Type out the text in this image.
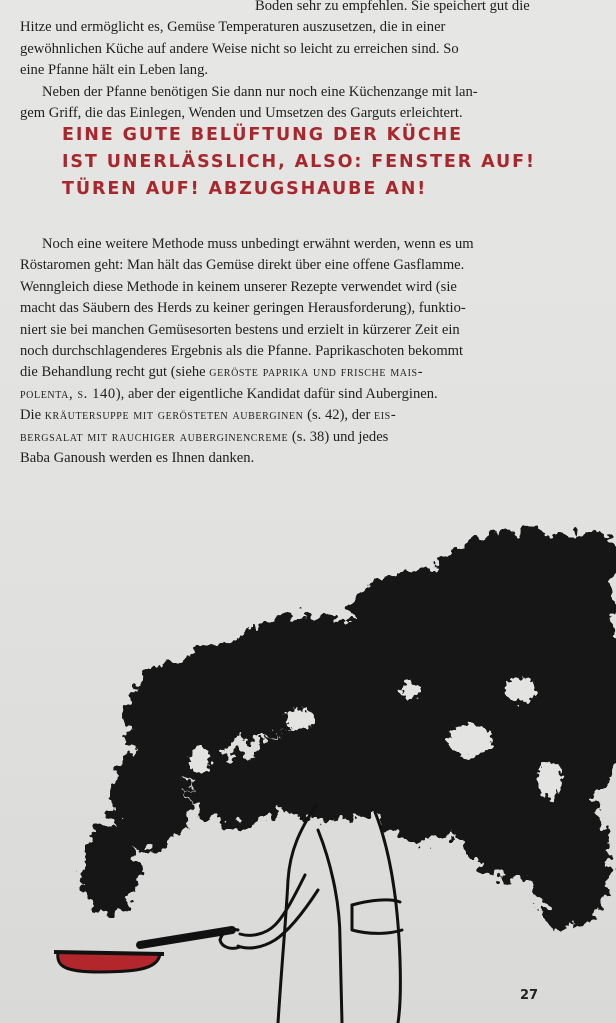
Boden sehr zu empfehlen. Sie speichert gut die

Hitze und ermöglicht es, Gemüse Temperaturen auszusetzen, die in einer

gewöhnlichen Küche auf andere Weise nicht so leicht zu erreichen sind. So

eine Pfanne hält ein Leben lang.

Neben der Pfanne benötigen Sie dann nur noch eine Küchenzange mit lan-

gem Griff, die das Einlegen, Wenden und Umsetzen des Garguts erleichtert.

EINE GUTE BELÜFTUNG DER KÜCHE
IST UNERLÄSSLICH, ALSO: FENSTER AUF!
TÜREN AUF! ABZUGSHAUBE AN!

Noch eine weitere Methode muss unbedingt erwähnt werden, wenn es um

Röstaromen geht: Man hält das Gemüse direkt über eine offene Gasflamme.

Wenngleich diese Methode in keinem unserer Rezepte verwendet wird (sie

macht das Säubern des Herds zu keiner geringen Herausforderung), funktio-

niert sie bei manchen Gemüsesorten bestens und erzielt in kürzerer Zeit ein

noch durchschlagenderes Ergebnis als die Pfanne. Paprikaschoten bekommt

die Behandlung recht gut (siehe geröste paprika und frische mais-

polenta, s. 140), aber der eigentliche Kandidat dafür sind Auberginen.

Die kräutersuppe mit gerösteten auberginen (s. 42), der eis-

bergsalat mit rauchiger auberginencreme (s. 38) und jedes

Baba Ganoush werden es Ihnen danken.

27
